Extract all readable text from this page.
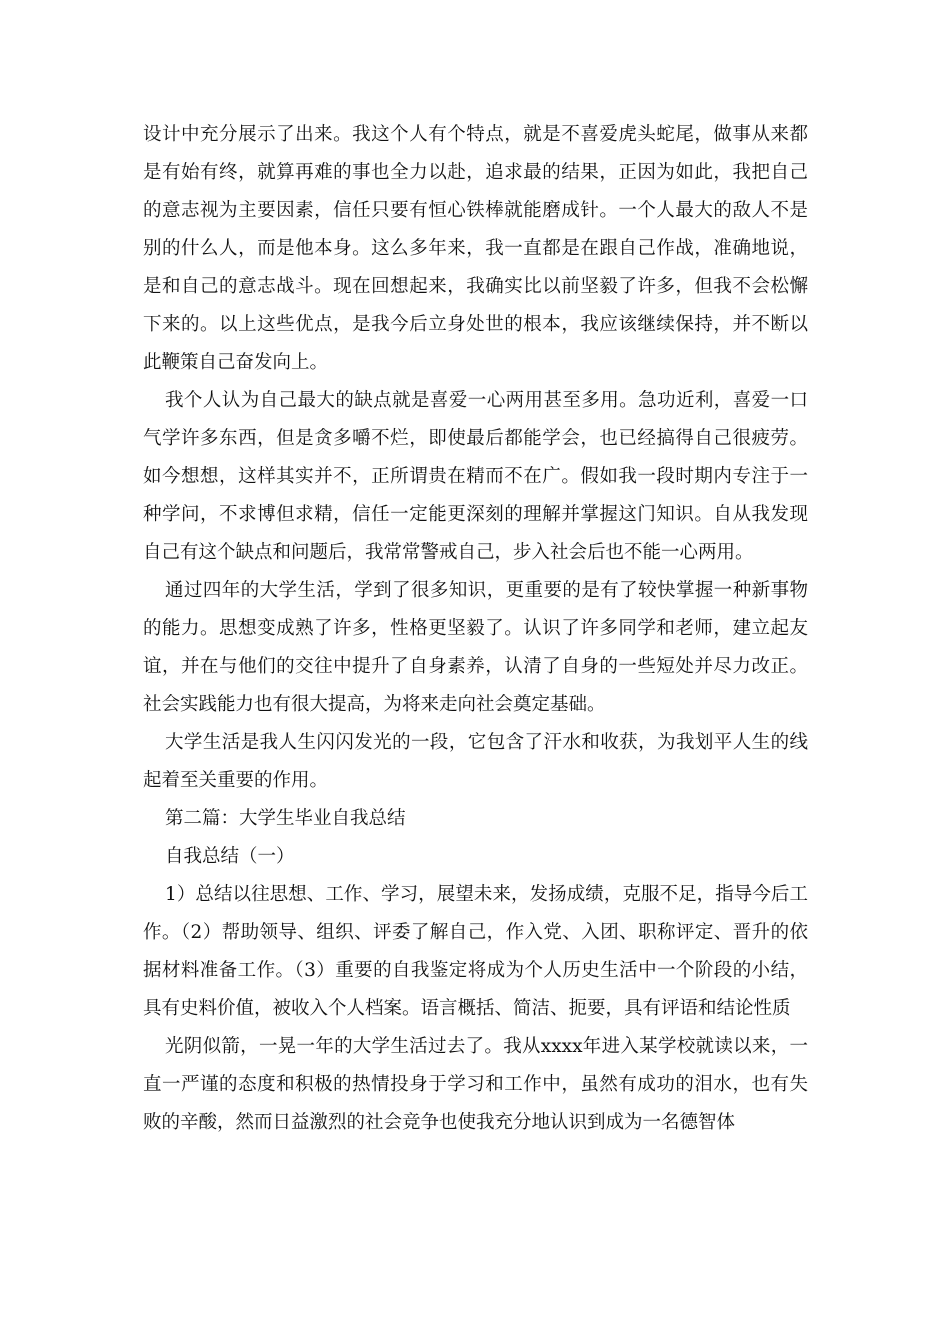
设计中充分展示了出来。我这个人有个特点，就是不喜爱虎头蛇尾，做事从来都是有始有终，就算再难的事也全力以赴，追求最的结果，正因为如此，我把自己的意志视为主要因素，信任只要有恒心铁棒就能磨成针。一个人最大的敌人不是别的什么人，而是他本身。这么多年来，我一直都是在跟自己作战，准确地说，是和自己的意志战斗。现在回想起来，我确实比以前坚毅了许多，但我不会松懈下来的。以上这些优点，是我今后立身处世的根本，我应该继续保持，并不断以此鞭策自己奋发向上。

我个人认为自己最大的缺点就是喜爱一心两用甚至多用。急功近利，喜爱一口气学许多东西，但是贪多嚼不烂，即使最后都能学会，也已经搞得自己很疲劳。如今想想，这样其实并不，正所谓贵在精而不在广。假如我一段时期内专注于一种学问，不求博但求精，信任一定能更深刻的理解并掌握这门知识。自从我发现自己有这个缺点和问题后，我常常警戒自己，步入社会后也不能一心两用。

通过四年的大学生活，学到了很多知识，更重要的是有了较快掌握一种新事物的能力。思想变成熟了许多，性格更坚毅了。认识了许多同学和老师，建立起友谊，并在与他们的交往中提升了自身素养，认清了自身的一些短处并尽力改正。社会实践能力也有很大提高，为将来走向社会奠定基础。

大学生活是我人生闪闪发光的一段，它包含了汗水和收获，为我划平人生的线起着至关重要的作用。

第二篇：大学生毕业自我总结

自我总结（一）

1）总结以往思想、工作、学习，展望未来，发扬成绩，克服不足，指导今后工作。（2）帮助领导、组织、评委了解自己，作入党、入团、职称评定、晋升的依据材料准备工作。（3）重要的自我鉴定将成为个人历史生活中一个阶段的小结，具有史料价值，被收入个人档案。语言概括、简洁、扼要，具有评语和结论性质

光阴似箭，一晃一年的大学生活过去了。我从xxxx年进入某学校就读以来，一直一严谨的态度和积极的热情投身于学习和工作中，虽然有成功的泪水，也有失败的辛酸，然而日益激烈的社会竞争也使我充分地认识到成为一名德智体
